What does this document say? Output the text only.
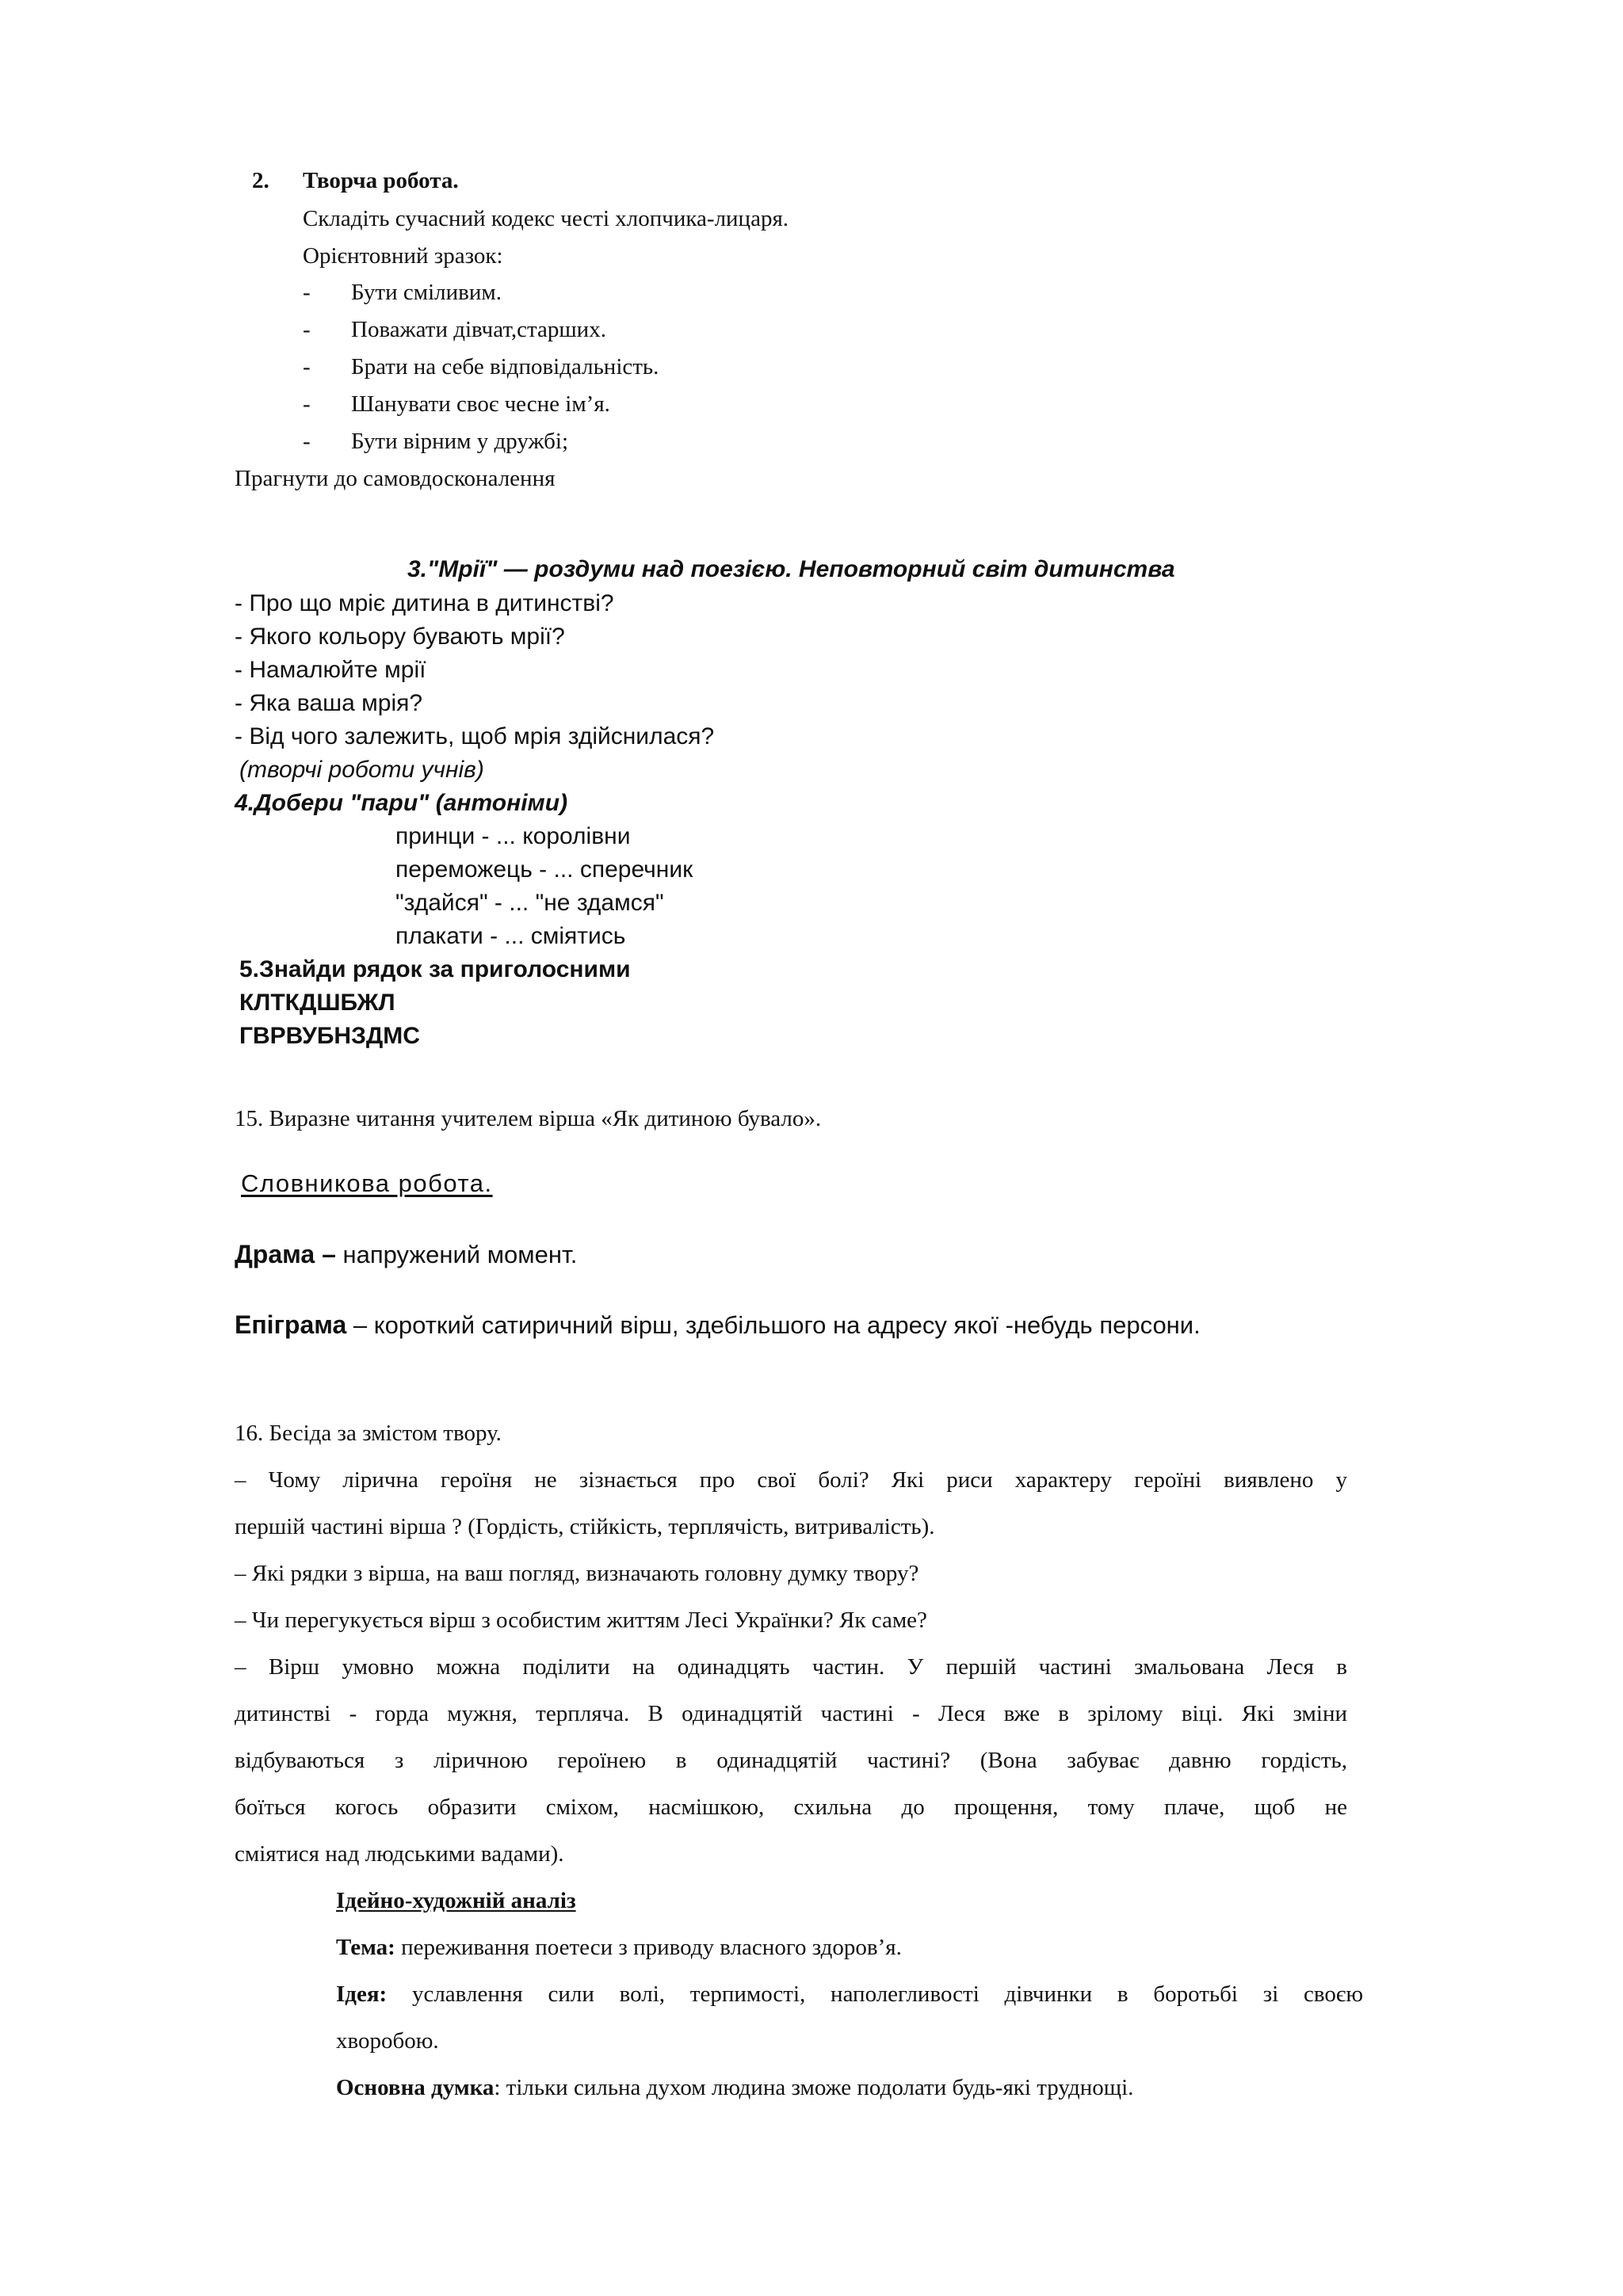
2. Творча робота.
Складіть сучасний кодекс честі хлопчика-лицаря.
Орієнтовний зразок:
- Бути сміливим.
- Поважати дівчат,старших.
- Брати на себе відповідальність.
- Шанувати своє чесне ім’я.
- Бути вірним у дружбі;
Прагнути до самовдосконалення
3."Мрії" — роздуми над поезією. Неповторний світ дитинства
- Про що мріє дитина в дитинстві?
- Якого кольору бувають мрії?
- Намалюйте мрії
- Яка ваша мрія?
- Від чого залежить, щоб мрія здійснилася?
(творчі роботи учнів)
4.Добери "пари" (антоніми)
принци - ... королівни
переможець - ... сперечник
"здайся" - ... "не здамся"
плакати - ... сміятись
5.Знайди рядок за приголосними
КЛТКДШБЖЛ
ГВРВУБНЗДМС
15. Виразне читання учителем вірша «Як дитиною бувало».
Словникова робота.
Драма – напружений момент.
Епіграма – короткий сатиричний вірш, здебільшого на адресу якої -небудь персони.
16. Бесіда за змістом твору.
– Чому ліричнa героїня не зізнається про свої болі? Які риси характеру героїні виявлено у
першій частині вірша ? (Гордість, стійкість, терплячість, витривалість).
– Які рядки з вірша, на ваш погляд, визначають головну думку твору?
– Чи перегукується вірш з особистим життям Лесі Українки? Як саме?
– Вірш умовно можна поділити на одинадцять частин. У першій частині змальована Леся в
дитинстві - горда мужня, терпляча. В одинадцятій частині - Леся вже в зрілому віці. Які зміни
відбуваються з ліричною героїнею в одинадцятій частині? (Вона забуває давню гордість,
боїться когось образити сміхом, насмішкою, схильна до прощення, тому плаче, щоб не
сміятися над людськими вадами).
Ідейно-художній аналіз
Тема: переживання поетеси з приводу власного здоров’я.
Ідея: уславлення сили волі, терпимості, наполегливості дівчинки в боротьбі зі своєю
хворобою.
Основна думка: тільки сильна духом людина зможе подолати будь-які труднощі.
